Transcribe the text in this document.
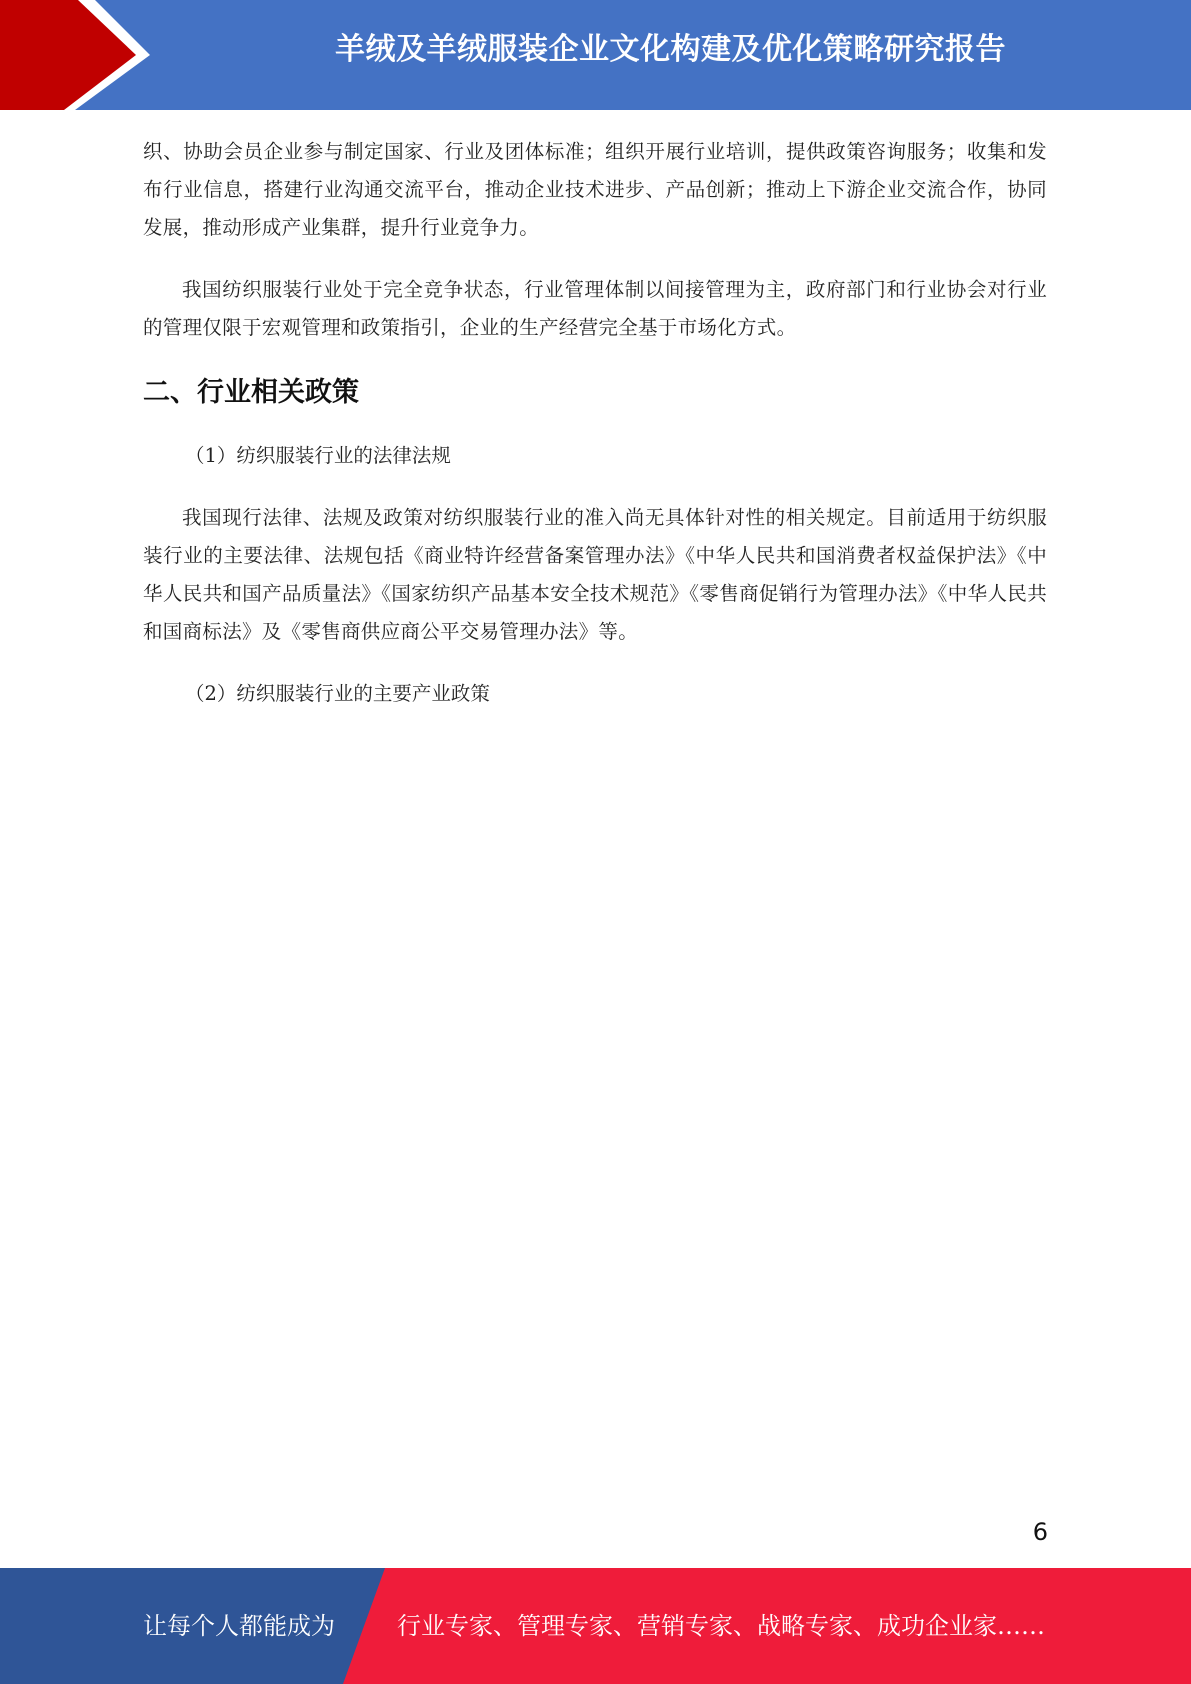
羊绒及羊绒服装企业文化构建及优化策略研究报告

织、协助会员企业参与制定国家、行业及团体标准；组织开展行业培训，提供政策咨询服务；收集和发布行业信息，搭建行业沟通交流平台，推动企业技术进步、产品创新；推动上下游企业交流合作，协同发展，推动形成产业集群，提升行业竞争力。

我国纺织服装行业处于完全竞争状态，行业管理体制以间接管理为主，政府部门和行业协会对行业的管理仅限于宏观管理和政策指引，企业的生产经营完全基于市场化方式。

二、行业相关政策

（1）纺织服装行业的法律法规

我国现行法律、法规及政策对纺织服装行业的准入尚无具体针对性的相关规定。目前适用于纺织服装行业的主要法律、法规包括《商业特许经营备案管理办法》《中华人民共和国消费者权益保护法》《中华人民共和国产品质量法》《国家纺织产品基本安全技术规范》《零售商促销行为管理办法》《中华人民共和国商标法》及《零售商供应商公平交易管理办法》等。

（2）纺织服装行业的主要产业政策

6
让每个人都能成为	行业专家、管理专家、营销专家、战略专家、成功企业家……
